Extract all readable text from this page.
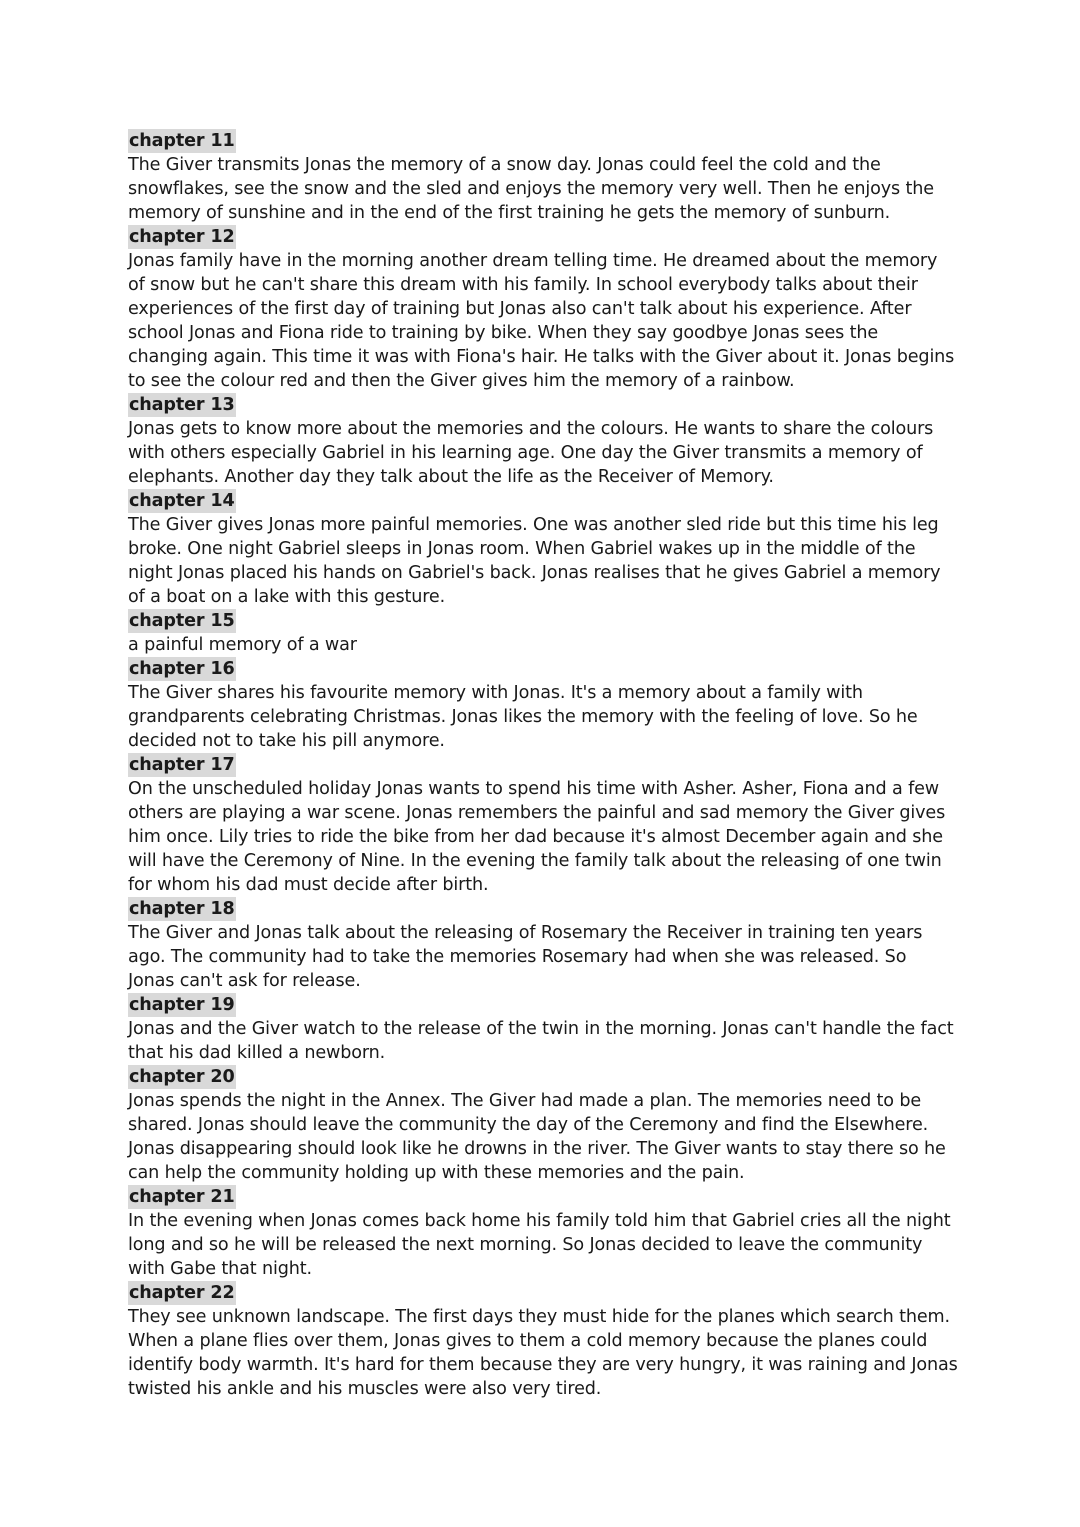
chapter 11
The Giver transmits Jonas the memory of a snow day. Jonas could feel the cold and the snowflakes, see the snow and the sled and enjoys the memory very well. Then he enjoys the memory of sunshine and in the end of the first training he gets the memory of sunburn.
chapter 12
Jonas family have in the morning another dream telling time. He dreamed about the memory of snow but he can't share this dream with his family. In school everybody talks about their experiences of the first day of training but Jonas also can't talk about his experience. After school Jonas and Fiona ride to training by bike. When they say goodbye Jonas sees the changing again. This time it was with Fiona's hair. He talks with the Giver about it. Jonas begins to see the colour red and then the Giver gives him the memory of a rainbow.
chapter 13
Jonas gets to know more about the memories and the colours. He wants to share the colours with others especially Gabriel in his learning age. One day the Giver transmits a memory of elephants. Another day they talk about the life as the Receiver of Memory.
chapter 14
The Giver gives Jonas more painful memories. One was another sled ride but this time his leg broke. One night Gabriel sleeps in Jonas room. When Gabriel wakes up in the middle of the night Jonas placed his hands on Gabriel's back. Jonas realises that he gives Gabriel a memory of a boat on a lake with this gesture.
chapter 15
a painful memory of a war
chapter 16
The Giver shares his favourite memory with Jonas. It's a memory about a family with grandparents celebrating Christmas. Jonas likes the memory with the feeling of love. So he decided not to take his pill anymore.
chapter 17
On the unscheduled holiday Jonas wants to spend his time with Asher. Asher, Fiona and a few others are playing a war scene. Jonas remembers the painful and sad memory the Giver gives him once. Lily tries to ride the bike from her dad because it's almost December again and she will have the Ceremony of Nine. In the evening the family talk about the releasing of one twin for whom his dad must decide after birth.
chapter 18
The Giver and Jonas talk about the releasing of Rosemary the Receiver in training ten years ago. The community had to take the memories Rosemary had when she was released. So Jonas can't ask for release.
chapter 19
Jonas and the Giver watch to the release of the twin in the morning. Jonas can't handle the fact that his dad killed a newborn.
chapter 20
Jonas spends the night in the Annex. The Giver had made a plan. The memories need to be shared. Jonas should leave the community the day of the Ceremony and find the Elsewhere. Jonas disappearing should look like he drowns in the river. The Giver wants to stay there so he can help the community holding up with these memories and the pain.
chapter 21
In the evening when Jonas comes back home his family told him that Gabriel cries all the night long and so he will be released the next morning. So Jonas decided to leave the community with Gabe that night.
chapter 22
They see unknown landscape. The first days they must hide for the planes which search them. When a plane flies over them, Jonas gives to them a cold memory because the planes could identify body warmth. It's hard for them because they are very hungry, it was raining and Jonas twisted his ankle and his muscles were also very tired.
